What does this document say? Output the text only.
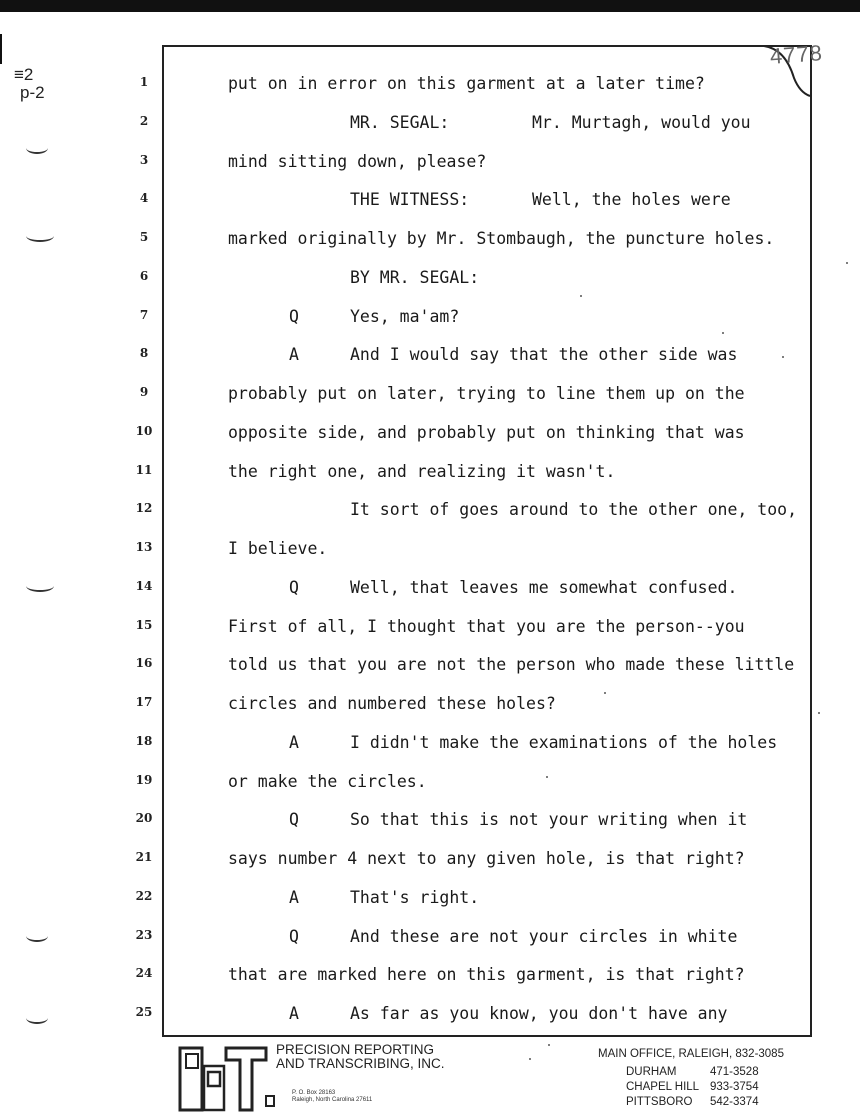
≡2
p-2
4778
1	put on in error on this garment at a later time?
2	MR. SEGAL:	Mr. Murtagh, would you
3	mind sitting down, please?
4	THE WITNESS:	Well, the holes were
5	marked originally by Mr. Stombaugh, the puncture holes.
6	BY MR. SEGAL:
7	Q	Yes, ma'am?
8	A	And I would say that the other side was
9	probably put on later, trying to line them up on the
10	opposite side, and probably put on thinking that was
11	the right one, and realizing it wasn't.
12	It sort of goes around to the other one, too,
13	I believe.
14	Q	Well, that leaves me somewhat confused.
15	First of all, I thought that you are the person--you
16	told us that you are not the person who made these little
17	circles and numbered these holes?
18	A	I didn't make the examinations of the holes
19	or make the circles.
20	Q	So that this is not your writing when it
21	says number 4 next to any given hole, is that right?
22	A	That's right.
23	Q	And these are not your circles in white
24	that are marked here on this garment, is that right?
25	A	As far as you know, you don't have any
PRECISION REPORTING
AND TRANSCRIBING, INC.
P. O. Box 28163
Raleigh, North Carolina 27611
MAIN OFFICE, RALEIGH, 832-3085
DURHAM	471-3528
CHAPEL HILL 933-3754
PITTSBORO 542-3374
